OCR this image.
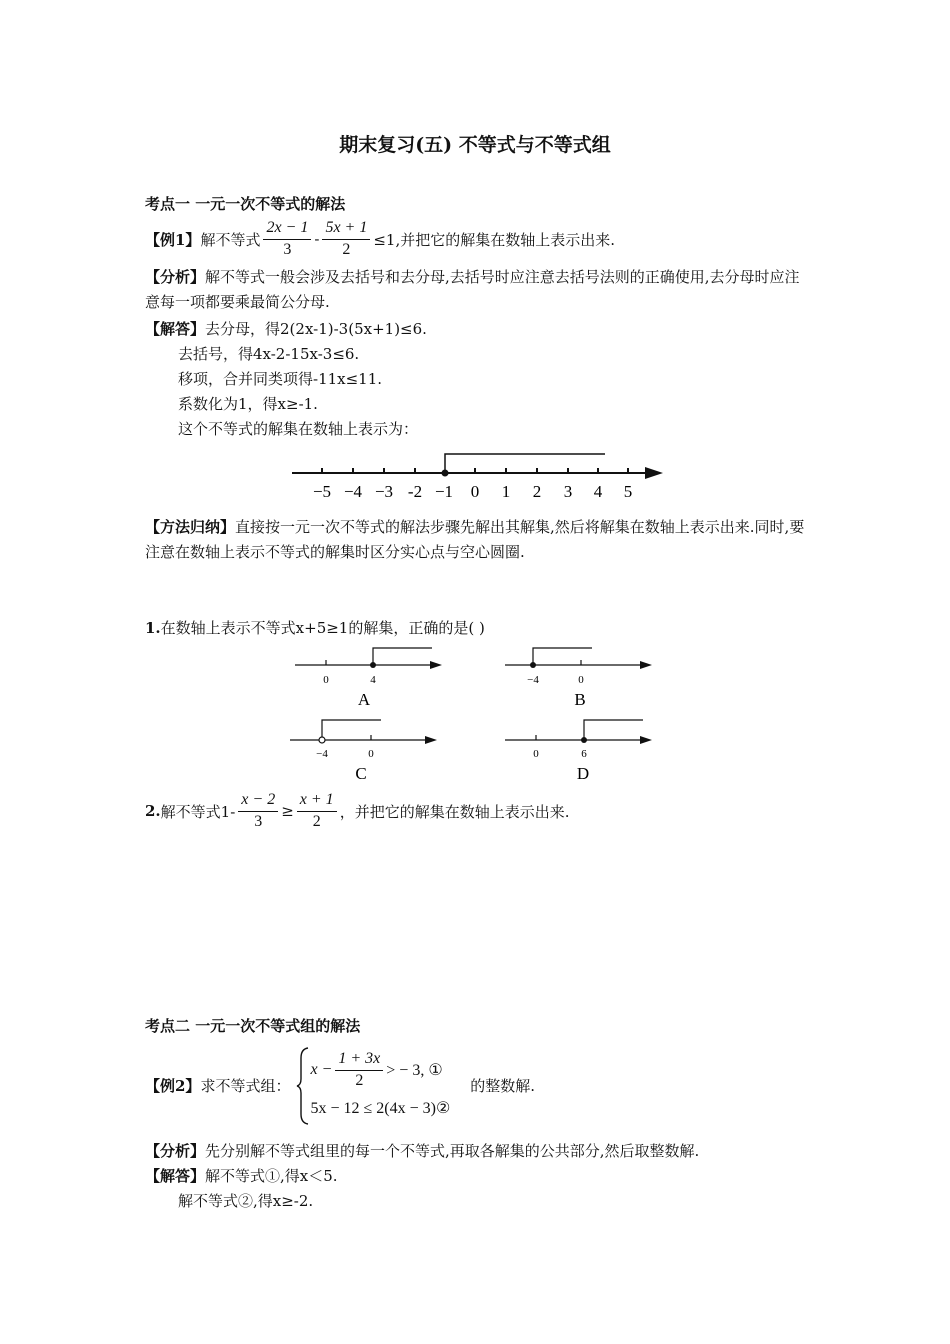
期末复习(五) 不等式与不等式组
考点一 一元一次不等式的解法
【例1】 解不等式 $\frac{2x - 1}{3} - \frac{5x + 1}{2} \le 1$,并把它的解集在数轴上表示出来.
【分析】解不等式一般会涉及去括号和去分母,去括号时应注意去括号法则的正确使用,去分母时应注意每一项都要乘最简公分母.
【解答】去分母，得2(2x-1)-3(5x+1)≤6.
去括号，得4x-2-15x-3≤6.
移项，合并同类项得-11x≤11.
系数化为1，得x≥-1.
这个不等式的解集在数轴上表示为：
−5 −4 −3 -2 −1 0 1 2 3 4 5
【方法归纳】直接按一元一次不等式的解法步骤先解出其解集,然后将解集在数轴上表示出来.同时,要注意在数轴上表示不等式的解集时区分实心点与空心圆圈.
1.在数轴上表示不等式x+5≥1的解集，正确的是( )
0	4
A
−4	0
B
−4	0
C
0	6
D
2. 解不等式$1- \frac{x - 2}{3} \ge \frac{x + 1}{2}$ ，并把它的解集在数轴上表示出来.
考点二 一元一次不等式组的解法
【例2】 求不等式组：
$x - \frac{1 + 3x}{2}$ > − 3, ①
5x − 12 ≤ 2(4x − 3)②
的整数解.
【分析】先分别解不等式组里的每一个不等式,再取各解集的公共部分,然后取整数解.
【解答】解不等式①,得x＜5.
解不等式②,得x≥-2.
